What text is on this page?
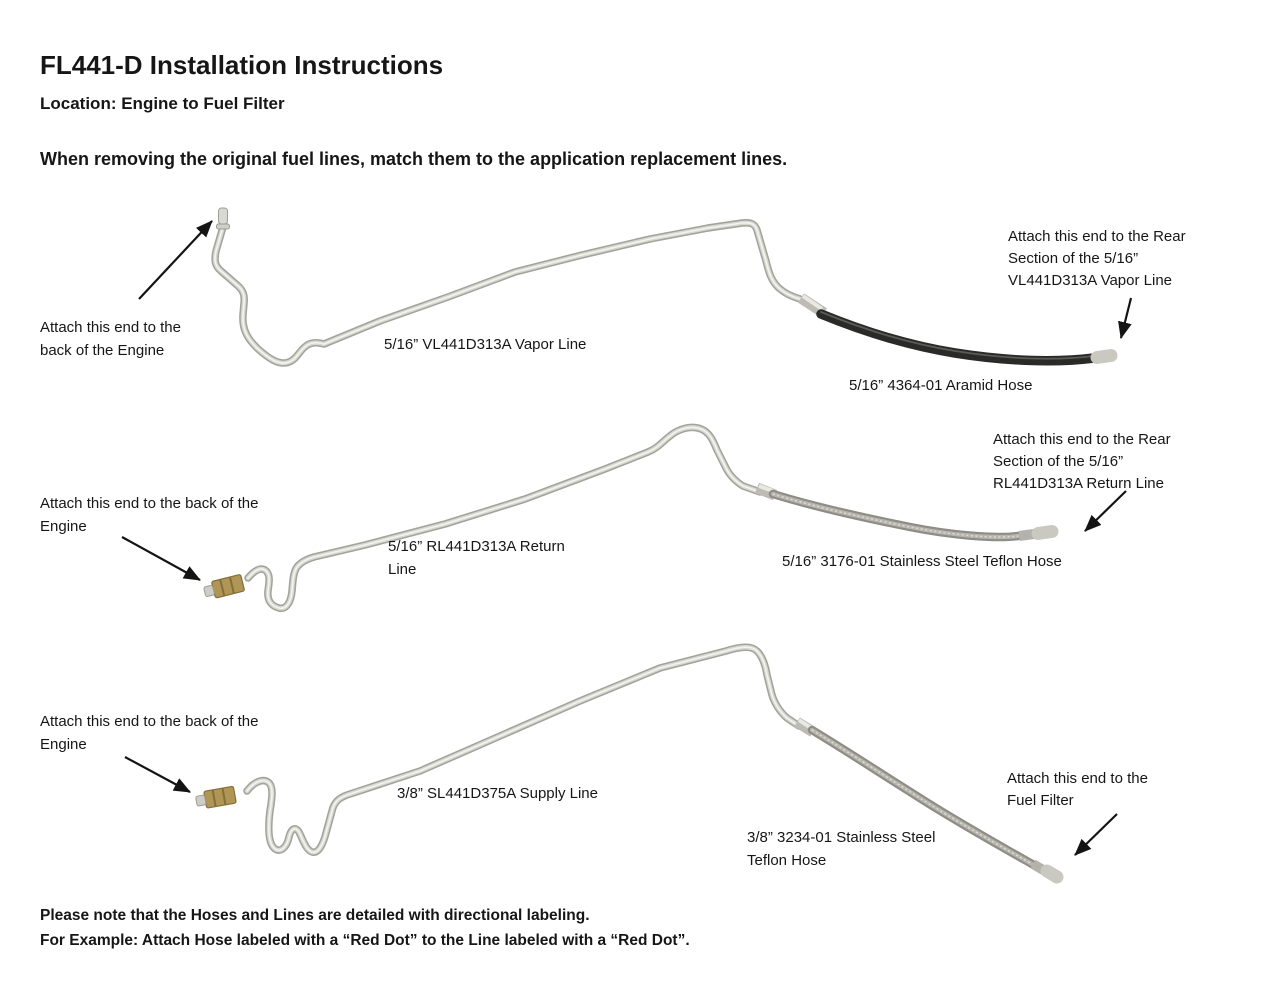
FL441-D Installation Instructions
Location: Engine to Fuel Filter
When removing the original fuel lines, match them to the application replacement lines.
Attach this end to the back of the Engine	5/16” VL441D313A Vapor Line
5/16” 4364-01 Aramid Hose
Attach this end to the Rear Section of the 5/16” VL441D313A Vapor Line
Attach this end to the back of the Engine
5/16” RL441D313A Return Line	5/16” 3176-01 Stainless Steel Teflon Hose
Attach this end to the Rear Section of the 5/16” RL441D313A Return Line
Attach this end to the back of the Engine
3/8” SL441D375A Supply Line
3/8” 3234-01 Stainless Steel Teflon Hose
Attach this end to the Fuel Filter
Please note that the Hoses and Lines are detailed with directional labeling.
For Example: Attach Hose labeled with a “Red Dot” to the Line labeled with a “Red Dot”.
